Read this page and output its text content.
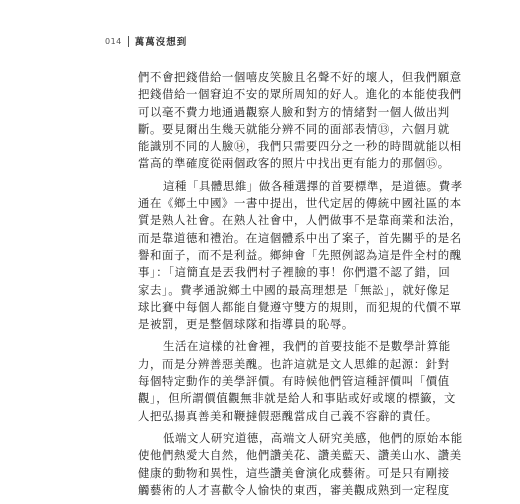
014 萬萬沒想到
們不會把錢借給一個嘻皮笑臉且名聲不好的壞人，但我們願意
把錢借給一個窘迫不安的眾所周知的好人。進化的本能使我們
可以毫不費力地通過觀察人臉和對方的情緒對一個人做出判
斷。要見爾出生幾天就能分辨不同的面部表情⑬，六個月就
能識別不同的人臉⑭，我們只需要四分之一秒的時間就能以相
當高的準確度從兩個政客的照片中找出更有能力的那個⑮。
這種「具體思維」做各種選擇的首要標準，是道德。費孝
通在《鄉土中國》一書中提出，世代定居的傳統中國社區的本
質是熟人社會。在熟人社會中，人們做事不是靠商業和法治，
而是靠道德和禮治。在這個體系中出了案子，首先關乎的是名
譽和面子，而不是利益。鄉紳會「先照例認為這是件全村的醜
事」：「這簡直是丟我們村子裡臉的事！你們還不認了錯，回
家去」。費孝通說鄉土中國的最高理想是「無訟」，就好像足
球比賽中每個人都能自覺遵守雙方的規則，而犯規的代價不單
是被罰，更是整個球隊和指導員的恥辱。
生活在這樣的社會裡，我們的首要技能不是數學計算能
力，而是分辨善惡美醜。也許這就是文人思維的起源：針對
每個特定動作的美學評價。有時候他們管這種評價叫「價值
觀」，但所謂價值觀無非就是給人和事貼或好或壞的標籤，文
人把弘揚真善美和鞭撻假惡醜當成自己義不容辭的責任。
低端文人研究道德，高端文人研究美感，他們的原始本能
使他們熱愛大自然，他們讚美花、讚美藍天、讚美山水、讚美
健康的動物和異性，這些讚美會演化成藝術。可是只有剛接
觸藝術的人才喜歡令人愉快的東西，審美觀成熟到一定程度
